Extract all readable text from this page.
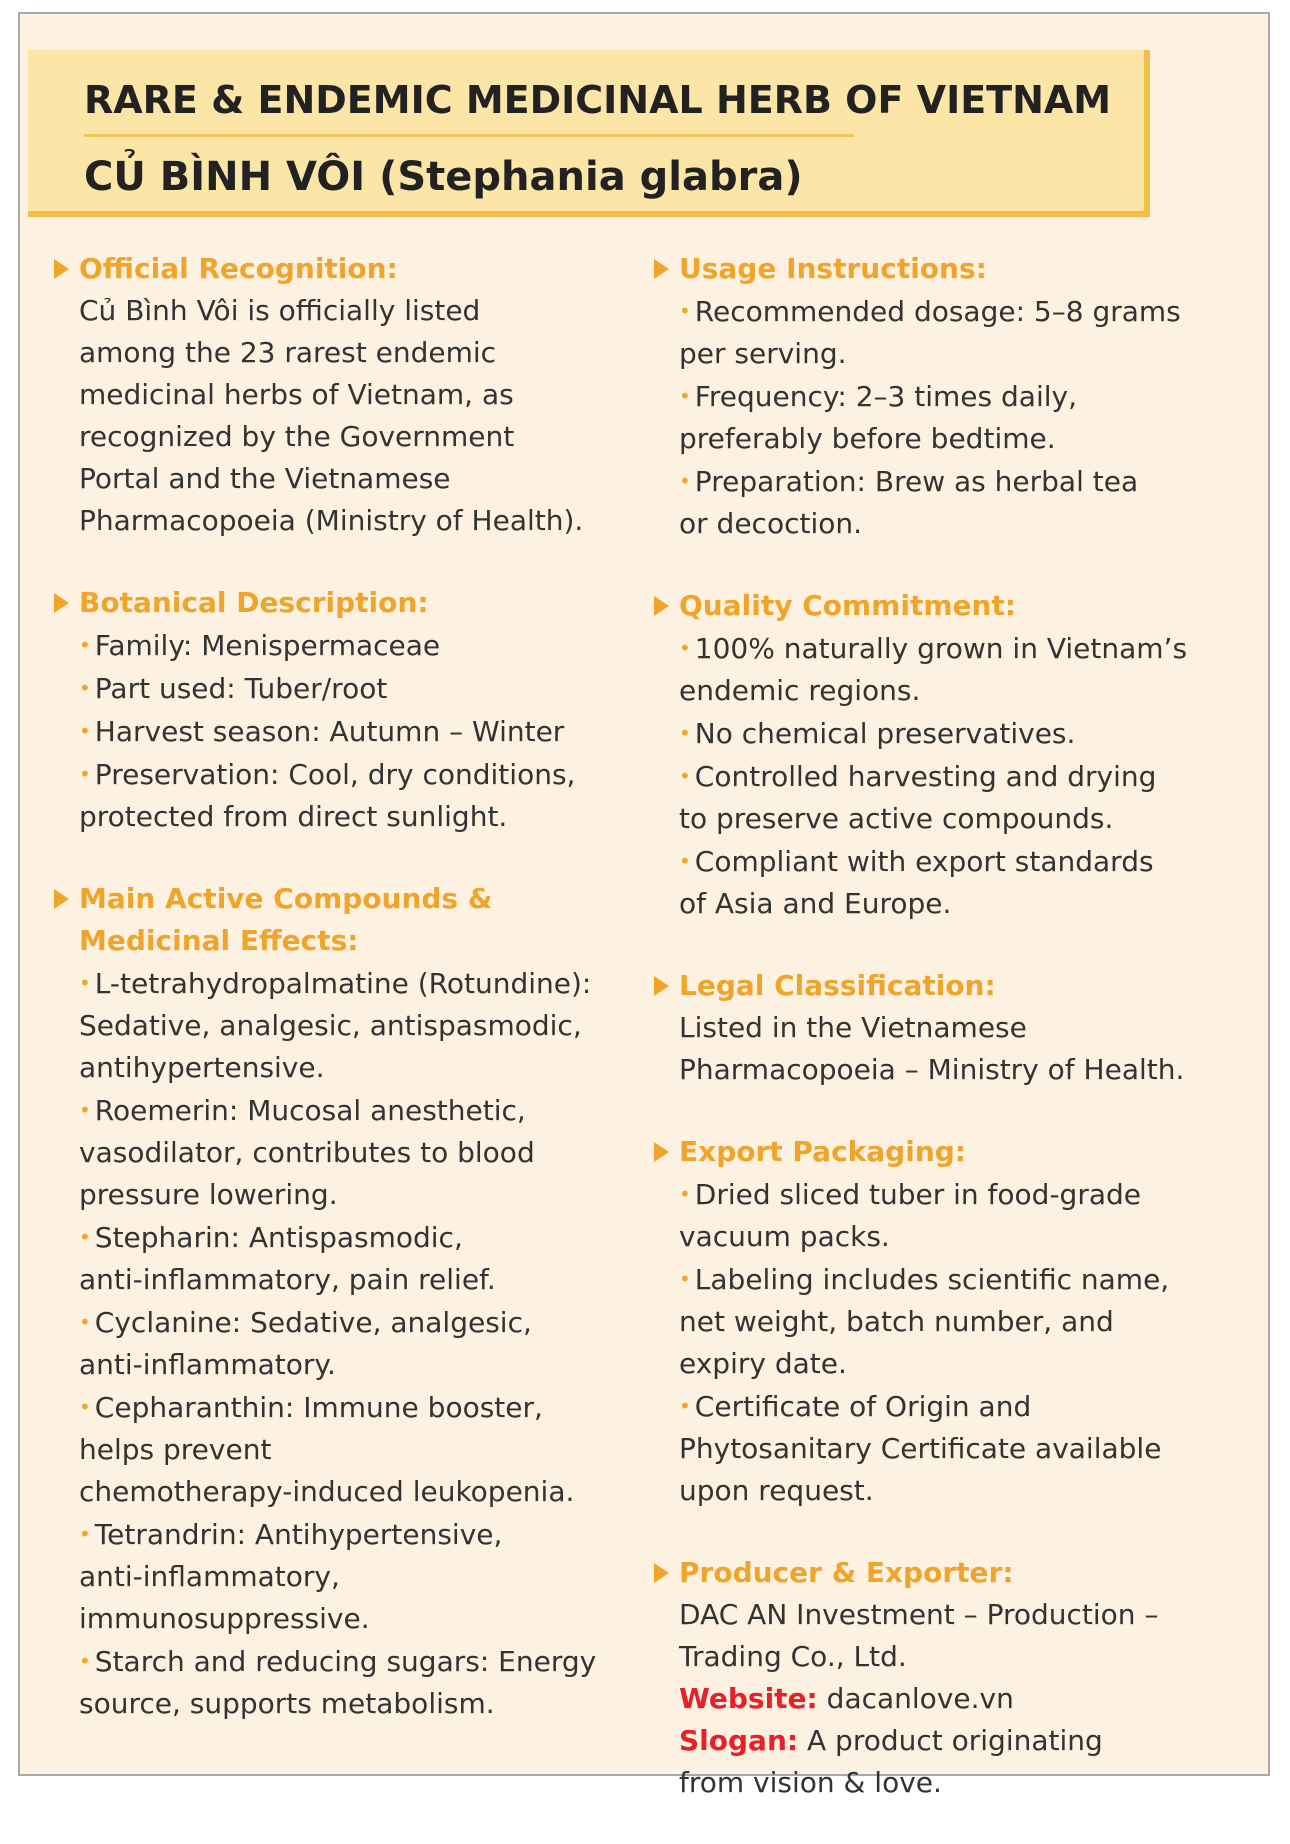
RARE & ENDEMIC MEDICINAL HERB OF VIETNAM
CỦ BÌNH VÔI (Stephania glabra)
Official Recognition:
Củ Bình Vôi is officially listed
among the 23 rarest endemic
medicinal herbs of Vietnam, as
recognized by the Government
Portal and the Vietnamese
Pharmacopoeia (Ministry of Health).
Botanical Description:
• Family: Menispermaceae
• Part used: Tuber/root
• Harvest season: Autumn – Winter
• Preservation: Cool, dry conditions,
protected from direct sunlight.
Main Active Compounds &
Medicinal Effects:
• L-tetrahydropalmatine (Rotundine):
Sedative, analgesic, antispasmodic,
antihypertensive.
• Roemerin: Mucosal anesthetic,
vasodilator, contributes to blood
pressure lowering.
• Stepharin: Antispasmodic,
anti-inflammatory, pain relief.
• Cyclanine: Sedative, analgesic,
anti-inflammatory.
• Cepharanthin: Immune booster,
helps prevent
chemotherapy-induced leukopenia.
• Tetrandrin: Antihypertensive,
anti-inflammatory,
immunosuppressive.
• Starch and reducing sugars: Energy
source, supports metabolism.
Usage Instructions:
• Recommended dosage: 5–8 grams
per serving.
• Frequency: 2–3 times daily,
preferably before bedtime.
• Preparation: Brew as herbal tea
or decoction.
Quality Commitment:
• 100% naturally grown in Vietnam’s
endemic regions.
• No chemical preservatives.
• Controlled harvesting and drying
to preserve active compounds.
• Compliant with export standards
of Asia and Europe.
Legal Classification:
Listed in the Vietnamese
Pharmacopoeia – Ministry of Health.
Export Packaging:
• Dried sliced tuber in food-grade
vacuum packs.
• Labeling includes scientific name,
net weight, batch number, and
expiry date.
• Certificate of Origin and
Phytosanitary Certificate available
upon request.
Producer & Exporter:
DAC AN Investment – Production –
Trading Co., Ltd.
Website: dacanlove.vn
Slogan: A product originating
from vision & love.
